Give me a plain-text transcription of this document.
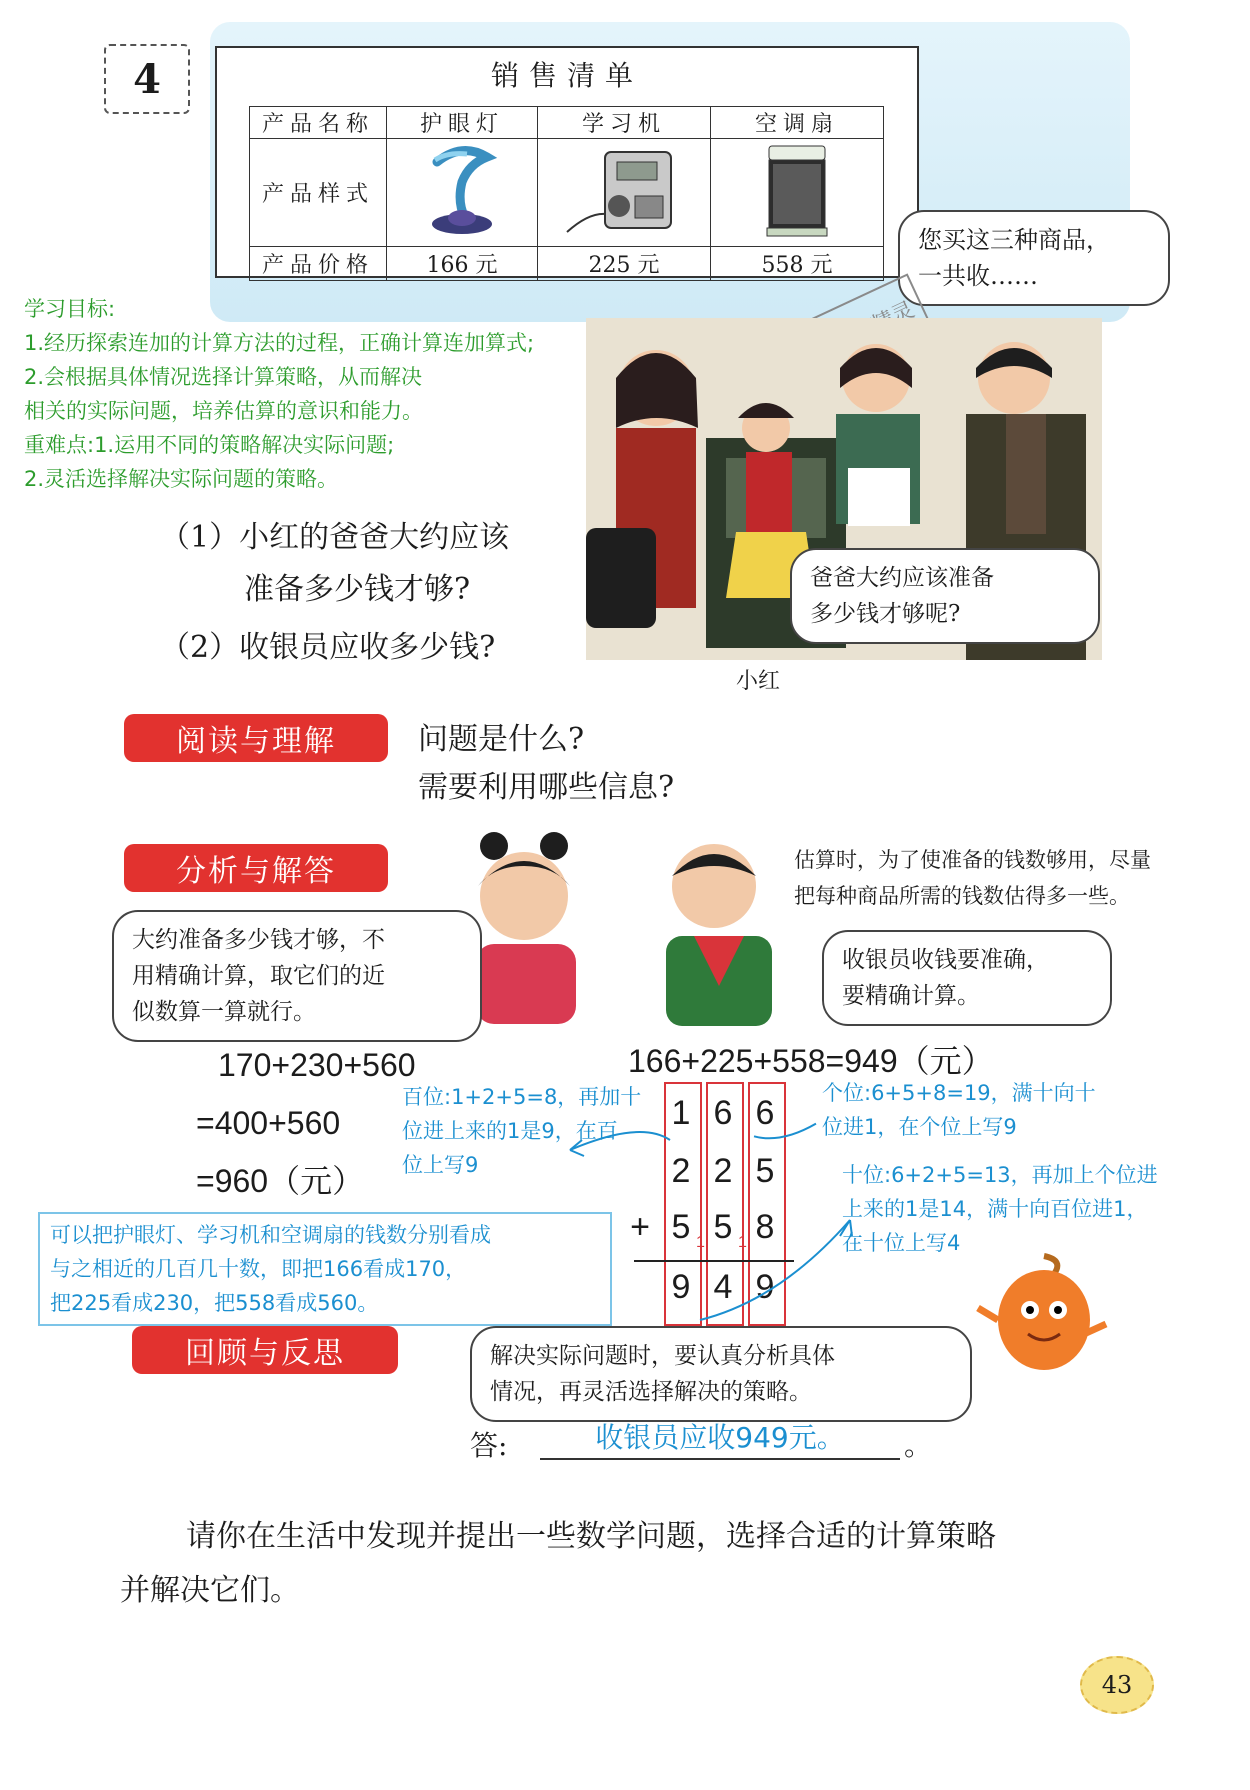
4	销售清单
产品名称	护眼灯	学习机	空调扇
产品样式			
产品价格	166 元	225 元	558 元
您买这三种商品，
一共收……
学习目标:
1.经历探索连加的计算方法的过程，正确计算连加算式;
2.会根据具体情况选择计算策略，从而解决
相关的实际问题，培养估算的意识和能力。
重难点:1.运用不同的策略解决实际问题;
2.灵活选择解决实际问题的策略。
爸爸大约应该准备
多少钱才够呢?
（1）小红的爸爸大约应该
准备多少钱才够?
（2）收银员应收多少钱?
小红
阅读与理解	问题是什么?
需要利用哪些信息?
分析与解答	估算时，为了使准备的钱数够用，尽量
把每种商品所需的钱数估得多一些。
大约准备多少钱才够，不
用精确计算，取它们的近
似数算一算就行。
收银员收钱要准确，
要精确计算。
170+230+560
=400+560
=960（元）
166+225+558=949（元）
1 6 6
2 2 5
+ 5 5 8
1 1
9 4 9
百位:1+2+5=8，再加十
位进上来的1是9，在百
位上写9
个位:6+5+8=19，满十向十
位进1，在个位上写9
十位:6+2+5=13，再加上个位进
上来的1是14，满十向百位进1，
在十位上写4
可以把护眼灯、学习机和空调扇的钱数分别看成
与之相近的几百几十数，即把166看成170，
把225看成230，把558看成560。
回顾与反思	解决实际问题时，要认真分析具体
情况，再灵活选择解决的策略。
答:	收银员应收949元。	。
请你在生活中发现并提出一些数学问题，选择合适的计算策略
并解决它们。
43
